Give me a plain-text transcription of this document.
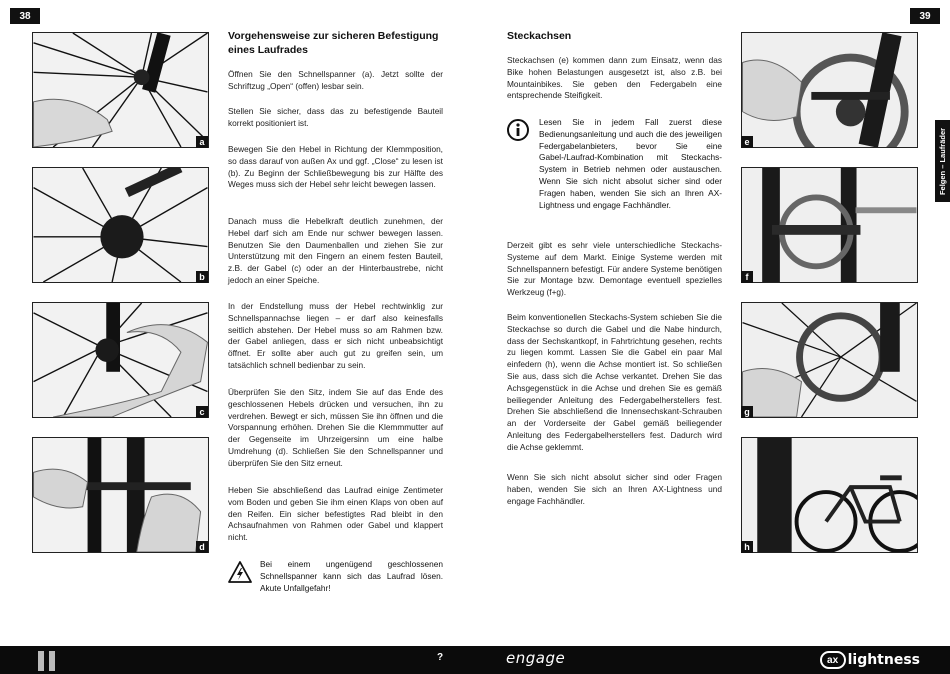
38
a
b
c
d
Vorgehensweise zur sicheren Befestigung eines Laufrades
Öffnen Sie den Schnellspanner (a). Jetzt sollte der Schriftzug „Open“ (offen) lesbar sein.
Stellen Sie sicher, dass das zu befestigende Bauteil korrekt positioniert ist.
Bewegen Sie den Hebel in Richtung der Klemmposition, so dass darauf von außen Ax und ggf. „Close“ zu lesen ist (b). Zu Beginn der Schließbewegung bis zur Hälfte des Weges muss sich der Hebel sehr leicht bewegen lassen.
Danach muss die Hebelkraft deutlich zunehmen, der Hebel darf sich am Ende nur schwer bewegen lassen. Benutzen Sie den Daumenballen und ziehen Sie zur Unterstützung mit den Fingern an einem festen Bauteil, z.B. der Gabel (c) oder an der Hinterbaustrebe, nicht jedoch an einer Speiche.
In der Endstellung muss der Hebel rechtwinklig zur Schnellspannachse liegen – er darf also keinesfalls seitlich abstehen. Der Hebel muss so am Rahmen bzw. der Gabel anliegen, dass er sich nicht unbeabsichtigt öffnet. Er sollte aber auch gut zu greifen sein, um tatsächlich schnell bedienbar zu sein.
Überprüfen Sie den Sitz, indem Sie auf das Ende des geschlossenen Hebels drücken und versuchen, ihn zu verdrehen. Bewegt er sich, müssen Sie ihn öffnen und die Vorspannung erhöhen. Drehen Sie die Klemmmutter auf der Gegenseite im Uhrzeigersinn um eine halbe Umdrehung (d). Schließen Sie den Schnellspanner und überprüfen Sie den Sitz erneut.
Heben Sie abschließend das Laufrad einige Zentimeter vom Boden und geben Sie ihm einen Klaps von oben auf den Reifen. Ein sicher befestigtes Rad bleibt in den Achsaufnahmen von Rahmen oder Gabel und klappert nicht.
Bei einem ungenügend geschlossenen Schnellspanner kann sich das Laufrad lösen. Akute Unfallgefahr!
39
Steckachsen
Steckachsen (e) kommen dann zum Einsatz, wenn das Bike hohen Belastungen ausgesetzt ist, also z.B. bei Mountainbikes. Sie geben den Federgabeln eine entsprechende Steifigkeit.
Lesen Sie in jedem Fall zuerst diese Bedienungsanleitung und auch die des jeweiligen Federgabelanbieters, bevor Sie eine Gabel-/Laufrad-Kombination mit Steckachs-System in Betrieb nehmen oder austauschen. Wenn Sie sich nicht absolut sicher sind oder Fragen haben, wenden Sie sich an Ihren AX-Lightness und engage Fachhändler.
Derzeit gibt es sehr viele unterschiedliche Steckachs-Systeme auf dem Markt. Einige Systeme werden mit Schnellspannern befestigt. Für andere Systeme benötigen Sie zur Montage bzw. Demontage eventuell spezielles Werkzeug (f+g).
Beim konventionellen Steckachs-System schieben Sie die Steckachse so durch die Gabel und die Nabe hindurch, dass der Sechskantkopf, in Fahrtrichtung gesehen, rechts zu liegen kommt. Lassen Sie die Gabel ein paar Mal einfedern (h), wenn die Achse montiert ist. So schließen Sie aus, dass sich die Achse verkantet. Drehen Sie das Achsgegenstück in die Achse und drehen Sie es gemäß beiliegender Anleitung des Federgabelherstellers fest. Drehen Sie abschließend die Innensechskant-Schrauben an der Vorderseite der Gabel gemäß beiliegender Anleitung des Federgabelherstellers fest. Dadurch wird die Achse geklemmt.
Wenn Sie sich nicht absolut sicher sind oder Fragen haben, wenden Sie sich an Ihren AX-Lightness und engage Fachhändler.
e
f
g
h
Felgen – Laufräder
?	engage	ax lightness
